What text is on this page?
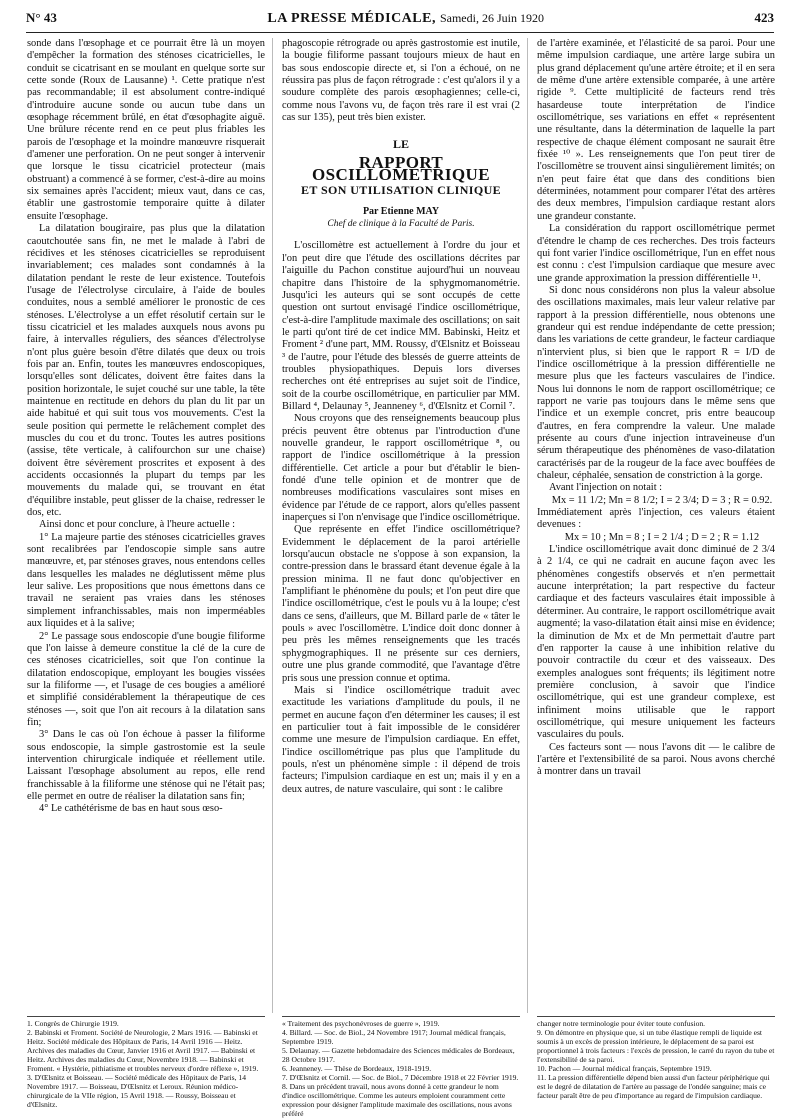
N° 43	LA PRESSE MÉDICALE, Samedi, 26 Juin 1920	423

sonde dans l'œsophage et ce pourrait être là un moyen d'empêcher la formation des sténoses cicatricielles, le conduit se cicatrisant en se moulant en quelque sorte sur cette sonde (Roux de Lausanne) ¹. Cette pratique n'est pas recommandable; il est absolument contre-indiqué d'introduire aucune sonde ou aucun tube dans un œsophage récemment brûlé, en état d'œsophagite aiguë. Une brûlure récente rend en ce peut plus friables les parois de l'œsophage et la moindre manœuvre risquerait d'amener une perforation. On ne peut songer à intervenir que lorsque le tissu cicatriciel protecteur (mais obstruant) a commencé à se former, c'est-à-dire au moins six semaines après l'accident; mieux vaut, dans ce cas, établir une gastrostomie temporaire quitte à dilater ensuite l'œsophage.

La dilatation bougiraire, pas plus que la dilatation caoutchoutée sans fin, ne met le malade à l'abri de récidives et les sténoses cicatricielles se reproduisent invariablement; ces malades sont condamnés à la dilatation pendant le reste de leur existence. Toutefois l'usage de l'électrolyse circulaire, à l'aide de boules conduites, nous a semblé améliorer le pronostic de ces sténoses. L'électrolyse a un effet résolutif certain sur le tissu cicatriciel et les malades auxquels nous avons pu faire, à intervalles réguliers, des séances d'électrolyse n'ont plus guère besoin d'être dilatés que deux ou trois fois par an. Enfin, toutes les manœuvres endoscopiques, lorsqu'elles sont délicates, doivent être faites dans la position horizontale, le sujet couché sur une table, la tête maintenue en rectitude en dehors du plan du lit par un aide habitué et qui suit tous vos mouvements. C'est la seule position qui permette le relâchement complet des muscles du cou et du tronc. Toutes les autres positions (assise, tête verticale, à califourchon sur une chaise) doivent être sévèrement proscrites et exposent à des accidents occasionnés la plupart du temps par les mouvements du malade qui, se trouvant en état d'équilibre instable, peut glisser de la chaise, redresser le dos, etc.

Ainsi donc et pour conclure, à l'heure actuelle :

1° La majeure partie des sténoses cicatricielles graves sont recalibrées par l'endoscopie simple sans autre manœuvre, et, par sténoses graves, nous entendons celles dans lesquelles les malades ne déglutissent même plus leur salive. Les propositions que nous émettons dans ce travail ne seraient pas vraies dans les sténoses simplement infranchissables, mais non imperméables aux liquides et à la salive;

2° Le passage sous endoscopie d'une bougie filiforme que l'on laisse à demeure constitue la clé de la cure de ces sténoses cicatricielles, soit que l'on continue la dilatation endoscopique, employant les bougies vissées sur la filiforme —, et l'usage de ces bougies a amélioré et simplifié considérablement la thérapeutique de ces sténoses —, soit que l'on ait recours à la dilatation sans fin;

3° Dans le cas où l'on échoue à passer la filiforme sous endoscopie, la simple gastrostomie est la seule intervention chirurgicale indiquée et réellement utile. Laissant l'œsophage absolument au repos, elle rend franchissable à la filiforme une sténose qui ne l'était pas; elle permet en outre de réaliser la dilatation sans fin;

4° Le cathétérisme de bas en haut sous œso-

phagoscopie rétrograde ou après gastrostomie est inutile, la bougie filiforme passant toujours mieux de haut en bas sous endoscopie directe et, si l'on a échoué, on ne réussira pas plus de façon rétrograde : c'est qu'alors il y a soudure complète des parois œsophagiennes; celle-ci, comme nous l'avons vu, de façon très rare il est vrai (2 cas sur 135), peut très bien exister.

LE
RAPPORT OSCILLOMÉTRIQUE
ET SON UTILISATION CLINIQUE
Par Etienne MAY
Chef de clinique à la Faculté de Paris.

L'oscillomètre est actuellement à l'ordre du jour et l'on peut dire que l'étude des oscillations décrites par l'aiguille du Pachon constitue aujourd'hui un nouveau chapitre dans l'histoire de la sphygmomanométrie. Jusqu'ici les auteurs qui se sont occupés de cette question ont surtout envisagé l'indice oscillométrique, c'est-à-dire l'amplitude maximale des oscillations; on sait le parti qu'ont tiré de cet indice MM. Babinski, Heitz et Froment ² d'une part, MM. Roussy, d'Œlsnitz et Boisseau ³ de l'autre, pour l'étude des blessés de guerre atteints de troubles physiopathiques. Depuis lors diverses recherches ont été entreprises au sujet soit de l'indice, soit de la courbe oscillométrique, en particulier par MM. Billard ⁴, Delaunay ⁵, Jeanneney ⁶, d'Œlsnitz et Cornil ⁷.

Nous croyons que des renseignements beaucoup plus précis peuvent être obtenus par l'introduction d'une nouvelle grandeur, le rapport oscillométrique ⁸, ou rapport de l'indice oscillométrique à la pression différentielle. Cet article a pour but d'établir le bien-fondé d'une telle opinion et de montrer que de nombreuses modifications vasculaires sont mises en évidence par l'étude de ce rapport, alors qu'elles passent inaperçues si l'on n'envisage que l'indice oscillométrique.

Que représente en effet l'indice oscillométrique? Evidemment le déplacement de la paroi artérielle lorsqu'aucun obstacle ne s'oppose à son expansion, la contre-pression dans le brassard étant devenue égale à la pression minima. Il ne faut donc qu'objectiver en l'amplifiant le phénomène du pouls; et l'on peut dire que l'indice oscillométrique, c'est le pouls vu à la loupe; c'est dans ce sens, d'ailleurs, que M. Billard parle de « tâter le pouls » avec l'oscillomètre. L'indice doit donc donner à peu près les mêmes renseignements que les tracés sphygmographiques. Il ne présente sur ces derniers, outre une plus grande commodité, que l'avantage d'être pris sous une pression connue et optima.

Mais si l'indice oscillométrique traduit avec exactitude les variations d'amplitude du pouls, il ne permet en aucune façon d'en déterminer les causes; il est en particulier tout à fait impossible de le considérer comme une mesure de l'impulsion cardiaque. En effet, l'indice oscillométrique pas plus que l'amplitude du pouls, n'est un phénomène simple : il dépend de trois facteurs; l'impulsion cardiaque en est un; mais il y en a deux autres, de nature vasculaire, qui sont : le calibre

de l'artère examinée, et l'élasticité de sa paroi. Pour une même impulsion cardiaque, une artère large subira un plus grand déplacement qu'une artère étroite; et il en sera de même d'une artère extensible comparée, à une artère rigide ⁹. Cette multiplicité de facteurs rend très hasardeuse toute interprétation de l'indice oscillométrique, ses variations en effet « représentent une résultante, dans la détermination de laquelle la part respective de chaque élément composant ne saurait être fixée ¹⁰ ». Les renseignements que l'on peut tirer de l'oscillomètre se trouvent ainsi singulièrement limités; on n'en peut faire état que dans des conditions bien déterminées, notamment pour comparer l'état des artères des deux membres, l'impulsion cardiaque restant alors une grandeur constante.

La considération du rapport oscillométrique permet d'étendre le champ de ces recherches. Des trois facteurs qui font varier l'indice oscillométrique, l'un en effet nous est connu : c'est l'impulsion cardiaque que mesure avec une grande approximation la pression différentielle ¹¹.

Si donc nous considérons non plus la valeur absolue des oscillations maximales, mais leur valeur relative par rapport à la pression différentielle, nous obtenons une grandeur qui est rendue indépendante de cette pression; dans les variations de cette grandeur, le facteur cardiaque n'intervient plus, si bien que le rapport R = I/D de l'indice oscillométrique à la pression différentielle ne mesure plus que les facteurs vasculaires de l'indice. Nous lui donnons le nom de rapport oscillométrique; ce rapport ne varie pas toujours dans le même sens que l'indice et un exemple concret, pris entre beaucoup d'autres, en fera comprendre la valeur. Une malade présente au cours d'une injection intraveineuse d'un sérum thérapeutique des phénomènes de vaso-dilatation caractérisés par de la rougeur de la face avec bouffées de chaleur, céphalée, sensation de constriction à la gorge.

Avant l'injection on notait :

Mx = 11 1/2; Mn = 8 1/2; I = 2 3/4; D = 3 ; R = 0.92.

Immédiatement après l'injection, ces valeurs étaient devenues :

Mx = 10 ; Mn = 8 ; I = 2 1/4 ; D = 2 ; R = 1.12

L'indice oscillométrique avait donc diminué de 2 3/4 à 2 1/4, ce qui ne cadrait en aucune façon avec les phénomènes congestifs observés et n'en permettait aucune interprétation; la part respective du facteur cardiaque et des facteurs vasculaires était impossible à déterminer. Au contraire, le rapport oscillométrique avait augmenté; la vaso-dilatation était ainsi mise en évidence; la diminution de Mx et de Mn permettait d'autre part d'en rapporter la cause à une inhibition relative du pouvoir contractile du cœur et des vaisseaux. Des exemples analogues sont fréquents; ils légitiment notre première conclusion, à savoir que l'indice oscillométrique, qui est une grandeur complexe, est infiniment moins utilisable que le rapport oscillométrique, qui mesure uniquement les facteurs vasculaires du pouls.

Ces facteurs sont — nous l'avons dit — le calibre de l'artère et l'extensibilité de sa paroi. Nous avons cherché à montrer dans un travail

1. Congrès de Chirurgie 1919.
2. Babinski et Froment. Société de Neurologie, 2 Mars 1916. — Babinski et Heitz. Société médicale des Hôpitaux de Paris, 14 Avril 1916 — Heitz. Archives des maladies du Cœur, Janvier 1916 et Avril 1917. — Babinski et Heitz. Archives des maladies du Cœur, Novembre 1918. — Babinski et Froment. « Hystérie, pithiatisme et troubles nerveux d'ordre réflexe », 1919.
3. D'Œlsnitz et Boisseau. — Société médicale des Hôpitaux de Paris, 14 Novembre 1917. — Boisseau, D'Œlsnitz et Leroux. Réunion médico-chirurgicale de la VIIe région, 15 Avril 1918. — Roussy, Boisseau et d'Œlsnitz.
« Traitement des psychonévroses de guerre », 1919.
4. Billard. — Soc. de Biol., 24 Novembre 1917; Journal médical français, Septembre 1919.
5. Delaunay. — Gazette hebdomadaire des Sciences médicales de Bordeaux, 28 Octobre 1917.
6. Jeanneney. — Thèse de Bordeaux, 1918-1919.
7. D'Œlsnitz et Cornil. — Soc. de Biol., 7 Décembre 1918 et 22 Février 1919.
8. Dans un précédent travail, nous avons donné à cette grandeur le nom d'indice oscillométrique. Comme les auteurs emploient couramment cette expression pour désigner l'amplitude maximale des oscillations, nous avons préféré
changer notre terminologie pour éviter toute confusion.
9. On démontre en physique que, si un tube élastique rempli de liquide est soumis à un excès de pression intérieure, le déplacement de sa paroi est proportionnel à trois facteurs : l'excès de pression, le carré du rayon du tube et l'extensibilité de sa paroi.
10. Pachon — Journal médical français, Septembre 1919.
11. La pression différentielle dépend bien aussi d'un facteur périphérique qui est le degré de dilatation de l'artère au passage de l'ondée sanguine; mais ce facteur paraît être de peu d'importance au regard de l'impulsion cardiaque.
